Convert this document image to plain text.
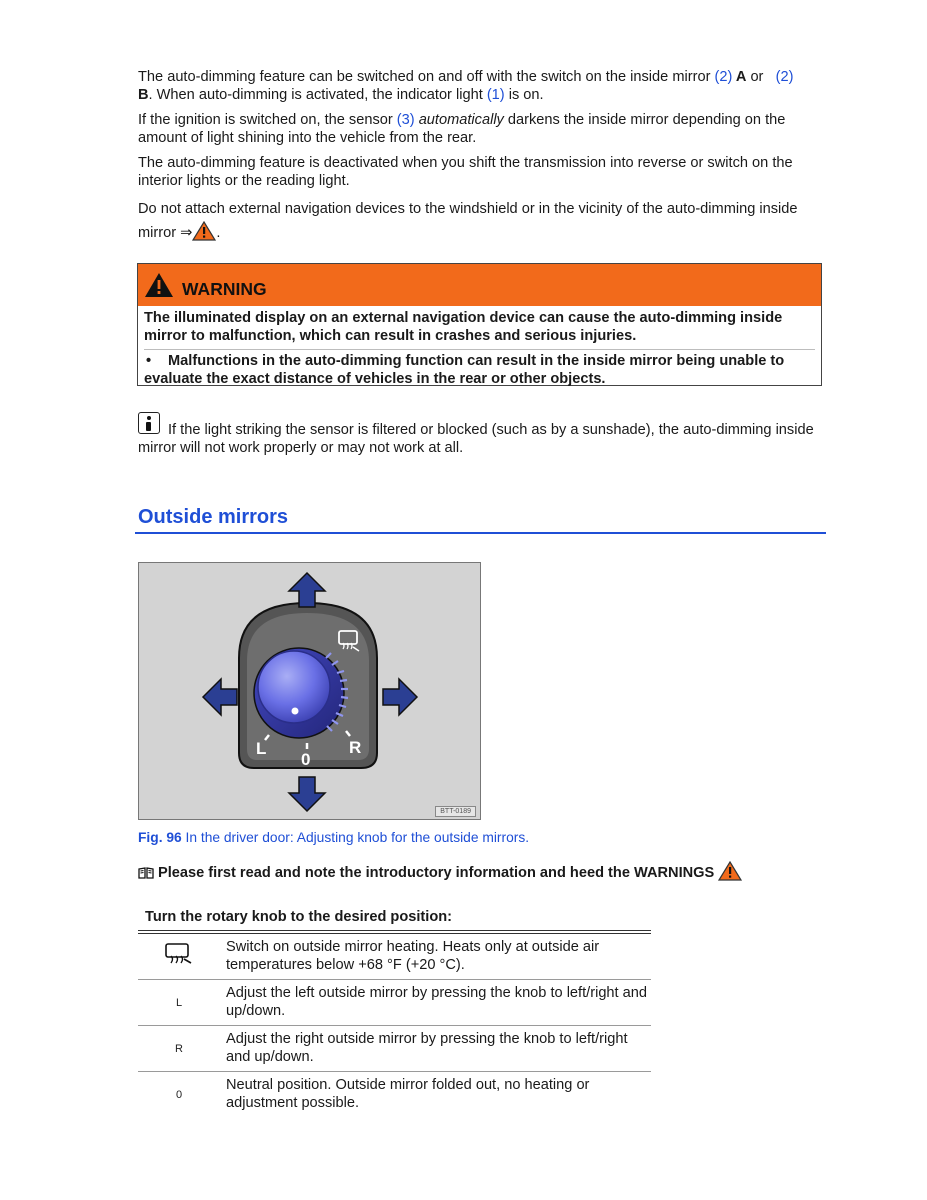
The auto-dimming feature can be switched on and off with the switch on the inside mirror (2) A or   (2)
B. When auto-dimming is activated, the indicator light (1) is on.

If the ignition is switched on, the sensor (3) automatically darkens the inside mirror depending on the amount of light shining into the vehicle from the rear.

The auto-dimming feature is deactivated when you shift the transmission into reverse or switch on the interior lights or the reading light.

Do not attach external navigation devices to the windshield or in the vicinity of the auto-dimming inside mirror ⇒ .

WARNING

The illuminated display on an external navigation device can cause the auto-dimming inside mirror to malfunction, which can result in crashes and serious injuries.

• Malfunctions in the auto-dimming function can result in the inside mirror being unable to evaluate the exact distance of vehicles in the rear or other objects.

If the light striking the sensor is filtered or blocked (such as by a sunshade), the auto-dimming inside mirror will not work properly or may not work at all.
Outside mirrors
L
0
R
BTT-0189
Fig. 96 In the driver door: Adjusting knob for the outside mirrors.
Please first read and note the introductory information and heed the WARNINGS
Turn the rotary knob to the desired position:
Switch on outside mirror heating. Heats only at outside air temperatures below +68 °F (+20 °C).
L
Adjust the left outside mirror by pressing the knob to left/right and up/down.
R
Adjust the right outside mirror by pressing the knob to left/right and up/down.
0
Neutral position. Outside mirror folded out, no heating or adjustment possible.
